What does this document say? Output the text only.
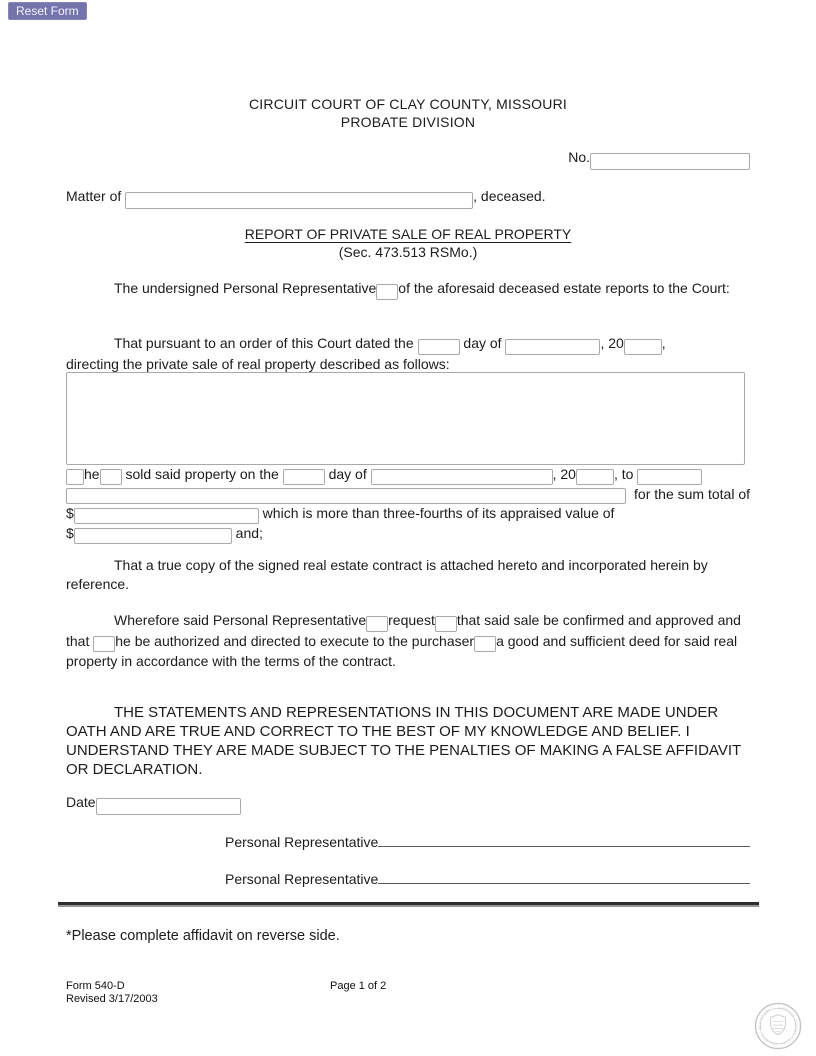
Reset Form
CIRCUIT COURT OF CLAY COUNTY, MISSOURI
PROBATE DIVISION
No.
Matter of	, deceased.
REPORT OF PRIVATE SALE OF REAL PROPERTY
(Sec. 473.513 RSMo.)
The undersigned Personal Representative of the aforesaid deceased estate reports to the Court:
That pursuant to an order of this Court dated the	day of	, 20	,
directing the private sale of real property described as follows:
he sold said property on the	day of	, 20	, to
for the sum total of
$	which is more than three-fourths of its appraised value of
$	and;
That a true copy of the signed real estate contract is attached hereto and incorporated herein by reference.
Wherefore said Personal Representative request that said sale be confirmed and approved and that he be authorized and directed to execute to the purchaser a good and sufficient deed for said real property in accordance with the terms of the contract.
THE STATEMENTS AND REPRESENTATIONS IN THIS DOCUMENT ARE MADE UNDER OATH AND ARE TRUE AND CORRECT TO THE BEST OF MY KNOWLEDGE AND BELIEF. I UNDERSTAND THEY ARE MADE SUBJECT TO THE PENALTIES OF MAKING A FALSE AFFIDAVIT OR DECLARATION.
Date
Personal Representative
Personal Representative
*Please complete affidavit on reverse side.
Form 540-D
Revised 3/17/2003
Page 1 of 2
CIRCUIT COURT · CLAY COUNTY · MISSOURI ·
